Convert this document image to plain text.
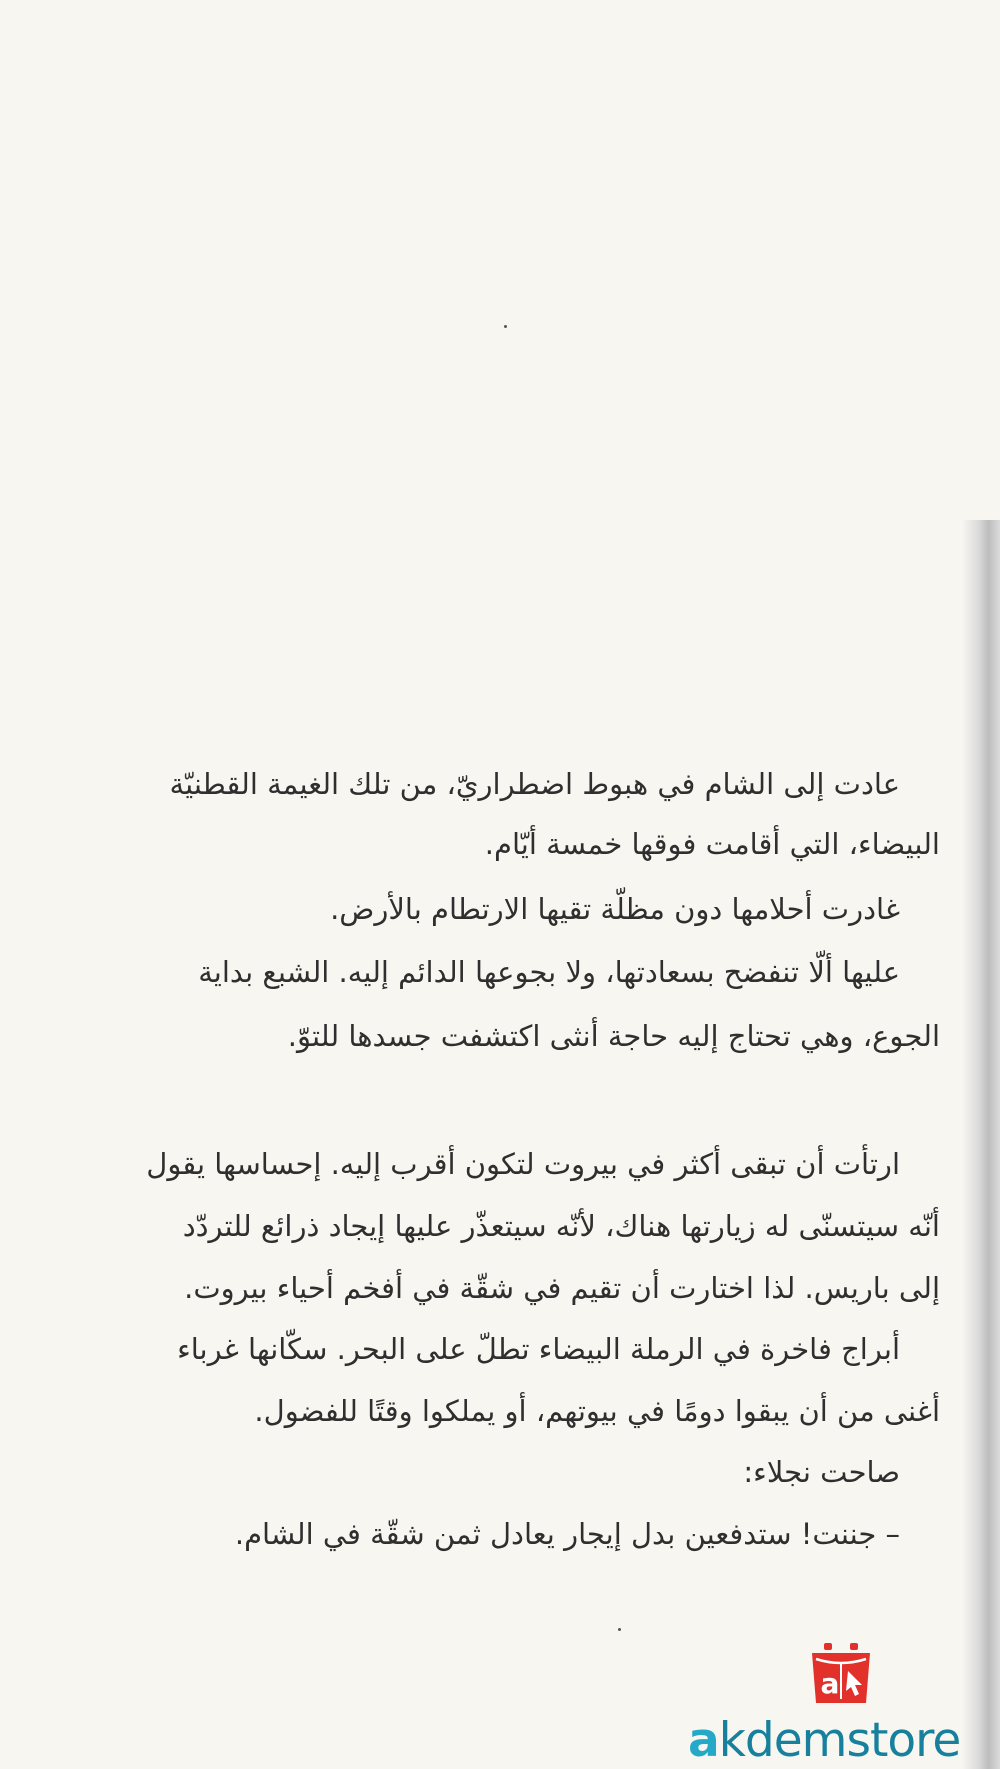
عادت إلى الشام في هبوط اضطراريّ، من تلك الغيمة القطنيّة
البيضاء، التي أقامت فوقها خمسة أيّام.
غادرت أحلامها دون مظلّة تقيها الارتطام بالأرض.
عليها ألّا تنفضح بسعادتها، ولا بجوعها الدائم إليه. الشبع بداية
الجوع، وهي تحتاج إليه حاجة أنثى اكتشفت جسدها للتوّ.
ارتأت أن تبقى أكثر في بيروت لتكون أقرب إليه. إحساسها يقول
أنّه سيتسنّى له زيارتها هناك، لأنّه سيتعذّر عليها إيجاد ذرائع للتردّد
إلى باريس. لذا اختارت أن تقيم في شقّة في أفخم أحياء بيروت.
أبراج فاخرة في الرملة البيضاء تطلّ على البحر. سكّانها غرباء
أغنى من أن يبقوا دومًا في بيوتهم، أو يملكوا وقتًا للفضول.
صاحت نجلاء:
– جننت! ستدفعين بدل إيجار يعادل ثمن شقّة في الشام.
a
akdemstore
